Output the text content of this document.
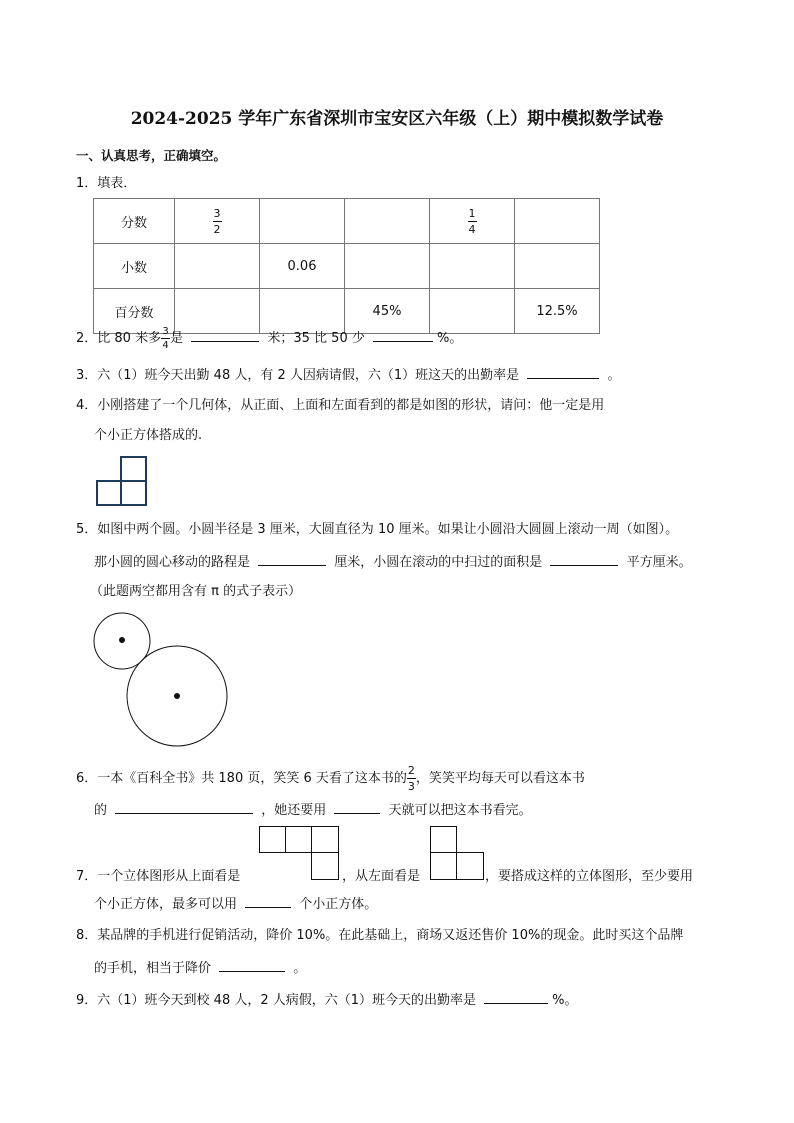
2024-2025 学年广东省深圳市宝安区六年级（上）期中模拟数学试卷
一、认真思考，正确填空。
1．填表．
分数	$\frac{3}{2}$			$\frac{1}{4}$

小数		0.06			
百分数			45%		12.5%
2．比 80 米多 $\frac{3}{4}$ 是	米；35 比 50 少	%。
3．六（1）班今天出勤 48 人，有 2 人因病请假，六（1）班这天的出勤率是	。
4．小刚搭建了一个几何体，从正面、上面和左面看到的都是如图的形状，请问：他一定是用
个小正方体搭成的.
5．如图中两个圆。小圆半径是 3 厘米，大圆直径为 10 厘米。如果让小圆沿大圆圆上滚动一周（如图）。
那小圆的圆心移动的路程是	厘米，小圆在滚动的中扫过的面积是	平方厘米。
（此题两空都用含有 π 的式子表示）
6．一本《百科全书》共 180 页，笑笑 6 天看了这本书的 $\frac{2}{3}$ ，笑笑平均每天可以看这本书
的	，她还要用	天就可以把这本书看完。
7．一个立体图形从上面看是	，从左面看是	，要搭成这样的立体图形，至少要用
个小正方体，最多可以用	个小正方体。
8．某品牌的手机进行促销活动，降价 10%。在此基础上，商场又返还售价 10%的现金。此时买这个品牌
的手机，相当于降价	。
9．六（1）班今天到校 48 人，2 人病假，六（1）班今天的出勤率是	%。
